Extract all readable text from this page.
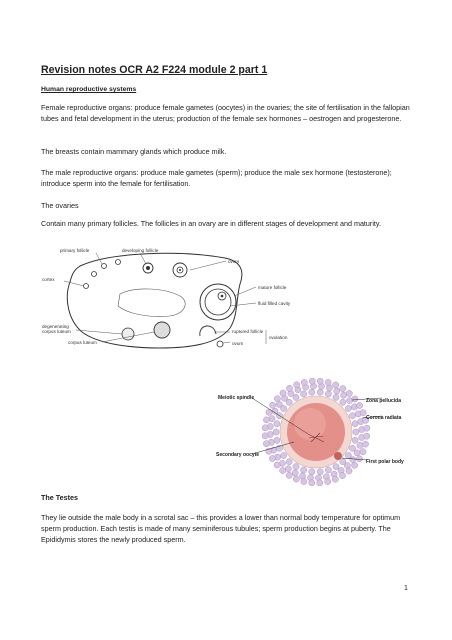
Revision notes OCR A2 F224 module 2 part 1

Human reproductive systems

Female reproductive organs: produce female gametes (oocytes) in the ovaries; the site of fertilisation in the fallopian tubes and fetal development in the uterus; production of the female sex hormones – oestrogen and progesterone.

The breasts contain mammary glands which produce milk.

The male reproductive organs: produce male gametes (sperm); produce the male sex hormone (testosterone); introduce sperm into the female for fertilisation.

The ovaries

Contain many primary follicles. The follicles in an ovary are in different stages of development and maturity.

primary follicle	developing follicle
ovum
cortex
mature follicle
fluid filled cavity
degenerating
corpus luteum	ruptured follicle
ovulation
corpus luteum	ovum
Meiotic spindle	Zona pellucida
Corona radiata
Secondary oocyte
First polar body

The Testes

They lie outside the male body in a scrotal sac – this provides a lower than normal body temperature for optimum sperm production. Each testis is made of many seminiferous tubules; sperm production begins at puberty. The Epididymis stores the newly produced sperm.

1
